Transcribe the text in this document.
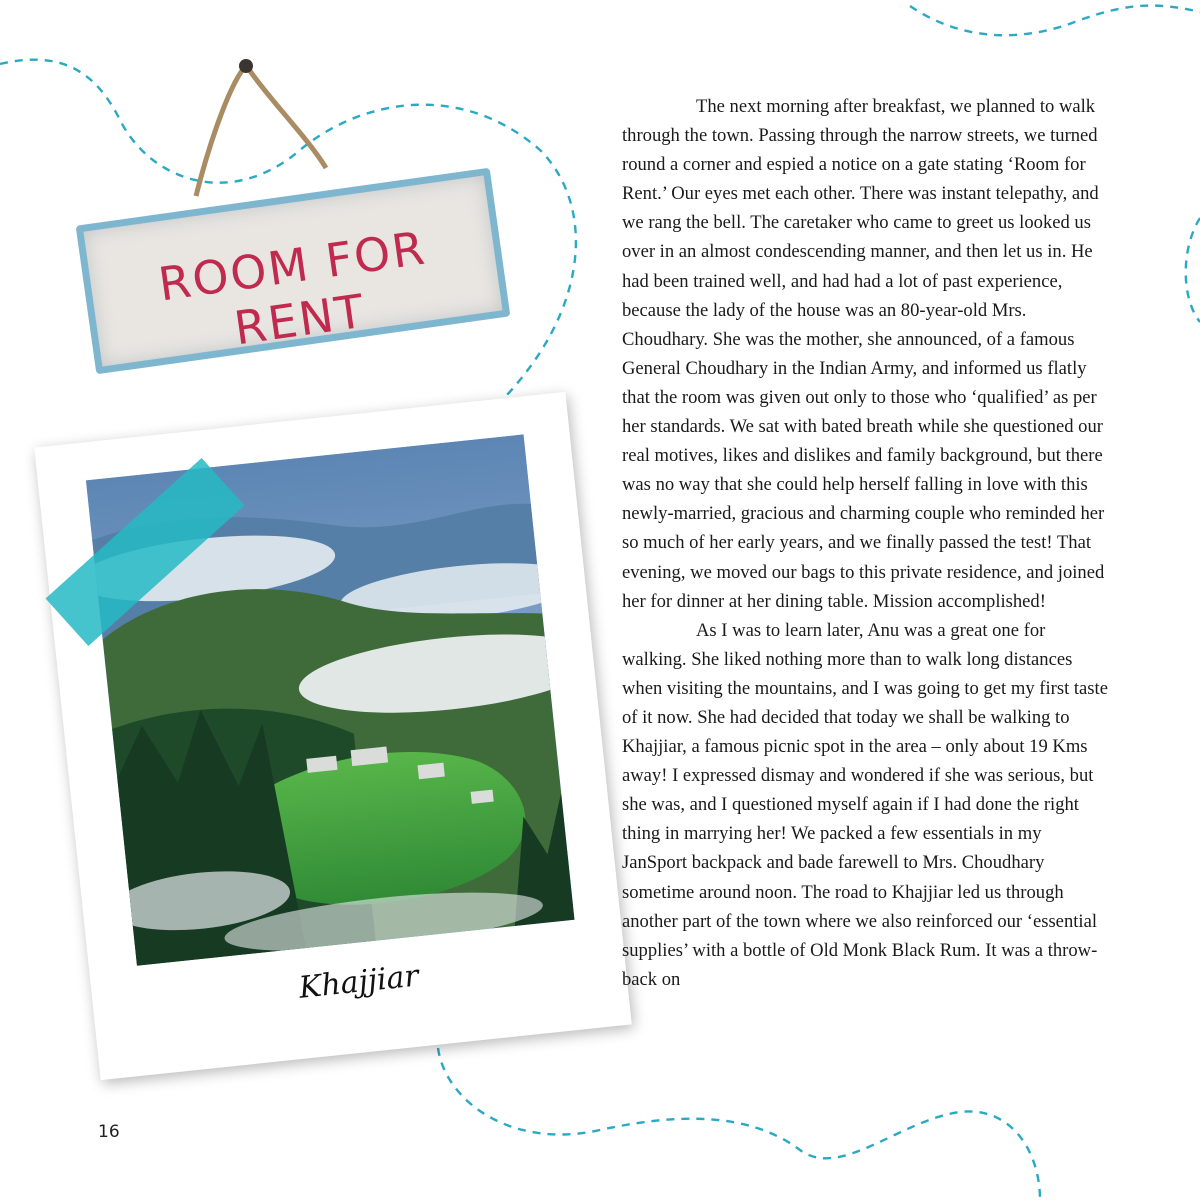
ROOM FOR RENT
Khajjiar

The next morning after breakfast, we planned to walk through the town. Passing through the narrow streets, we turned round a corner and espied a notice on a gate stating ‘Room for Rent.’ Our eyes met each other. There was instant telepathy, and we rang the bell. The caretaker who came to greet us looked us over in an almost condescending manner, and then let us in. He had been trained well, and had had a lot of past experience, because the lady of the house was an 80-year-old Mrs. Choudhary. She was the mother, she announced, of a famous General Choudhary in the Indian Army, and informed us flatly that the room was given out only to those who ‘qualified’ as per her standards. We sat with bated breath while she questioned our real motives, likes and dislikes and family background, but there was no way that she could help herself falling in love with this newly-married, gracious and charming couple who reminded her so much of her early years, and we finally passed the test! That evening, we moved our bags to this private residence, and joined her for dinner at her dining table. Mission accomplished!

As I was to learn later, Anu was a great one for walking. She liked nothing more than to walk long distances when visiting the mountains, and I was going to get my first taste of it now. She had decided that today we shall be walking to Khajjiar, a famous picnic spot in the area – only about 19 Kms away! I expressed dismay and wondered if she was serious, but she was, and I questioned myself again if I had done the right thing in marrying her! We packed a few essentials in my JanSport backpack and bade farewell to Mrs. Choudhary sometime around noon. The road to Khajjiar led us through another part of the town where we also reinforced our ‘essential supplies’ with a bottle of Old Monk Black Rum. It was a throw-back on

16
